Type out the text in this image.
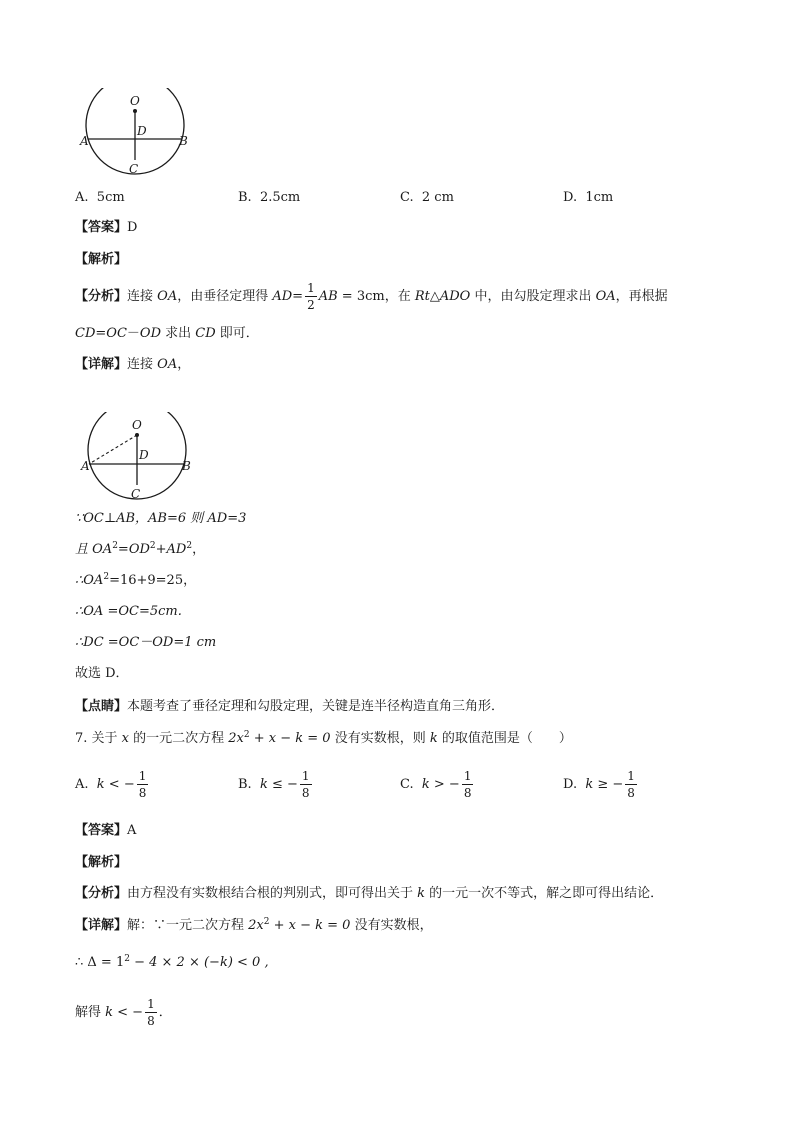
O
D
A	B
C
A. 5cm	B. 2.5cm	C. 2 cm	D. 1cm
【答案】D
【解析】
【分析】连接 OA，由垂径定理得 $AD= \frac{1}{2}$ AB = 3cm，在 Rt△ADO 中，由勾股定理求出 OA，再根据
CD=OC－OD 求出 CD 即可．
【详解】连接 OA，
O
D
A	B
C
∵OC⊥AB，AB=6 则 AD=3
且 $OA^2=OD^2+AD^2$，
$\therefore OA^2=16+9=25$，
∴OA =OC=5cm.
∴DC =OC－OD=1 cm
故选 D．
【点睛】本题考查了垂径定理和勾股定理，关键是连半径构造直角三角形．
7. 关于 x 的一元二次方程 $2x^2 + x - k = 0$ 没有实数根，则 k 的取值范围是（　　）
A. k < − $\frac{1}{8}$	B. k ≤ − $\frac{1}{8}$	C. k > − $\frac{1}{8}$	D. k ≥ − $\frac{1}{8}$
【答案】A
【解析】
【分析】由方程没有实数根结合根的判别式，即可得出关于 k 的一元一次不等式，解之即可得出结论．
【详解】解：∵一元二次方程 $2x^2 + x - k = 0$ 没有实数根，
∴ $\Delta = 1^2 - 4 \times 2 \times (-k) < 0$ ,
解得 k < − $\frac{1}{8}$ ．
